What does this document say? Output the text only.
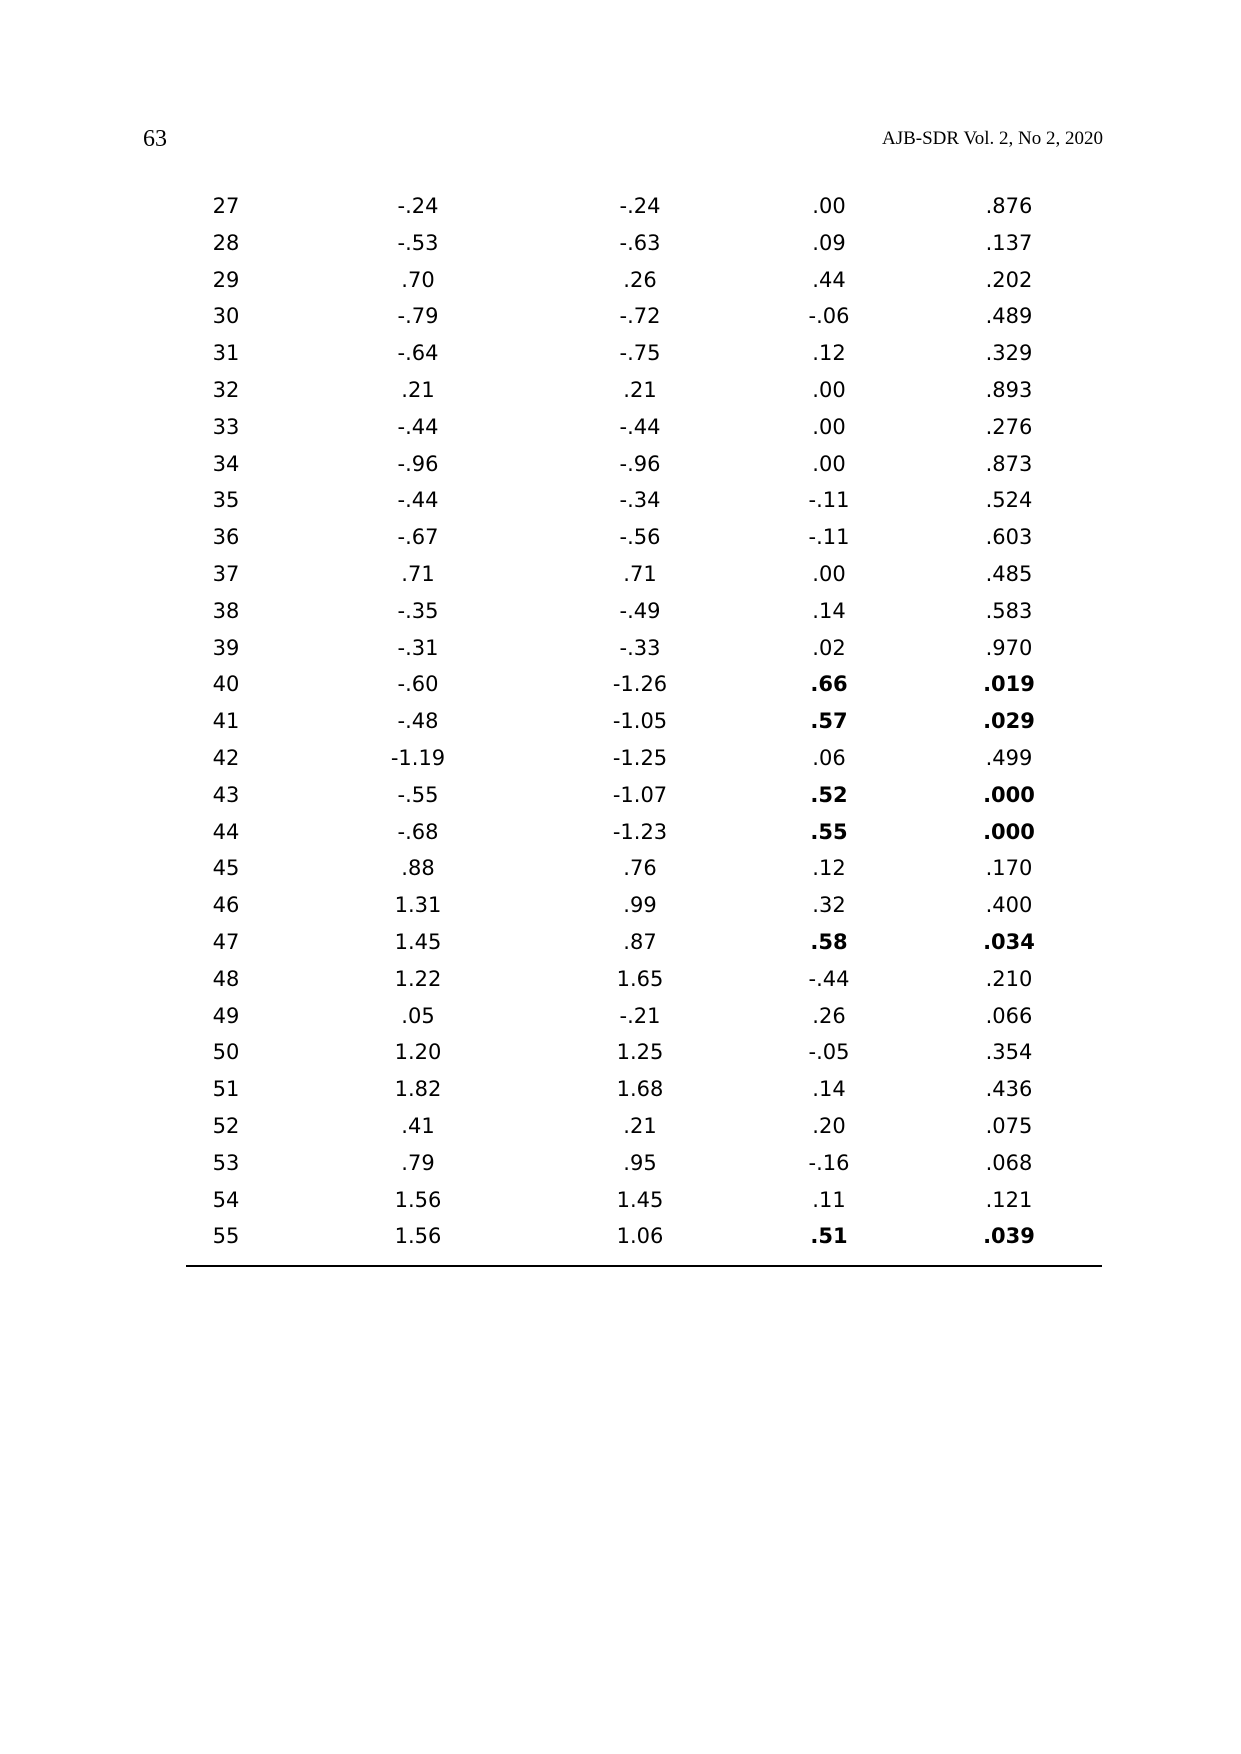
63	AJB-SDR Vol. 2, No 2, 2020
27	-.24	-.24	.00	.876
28	-.53	-.63	.09	.137
29	.70	.26	.44	.202
30	-.79	-.72	-.06	.489
31	-.64	-.75	.12	.329
32	.21	.21	.00	.893
33	-.44	-.44	.00	.276
34	-.96	-.96	.00	.873
35	-.44	-.34	-.11	.524
36	-.67	-.56	-.11	.603
37	.71	.71	.00	.485
38	-.35	-.49	.14	.583
39	-.31	-.33	.02	.970
40	-.60	-1.26	.66	.019
41	-.48	-1.05	.57	.029
42	-1.19	-1.25	.06	.499
43	-.55	-1.07	.52	.000
44	-.68	-1.23	.55	.000
45	.88	.76	.12	.170
46	1.31	.99	.32	.400
47	1.45	.87	.58	.034
48	1.22	1.65	-.44	.210
49	.05	-.21	.26	.066
50	1.20	1.25	-.05	.354
51	1.82	1.68	.14	.436
52	.41	.21	.20	.075
53	.79	.95	-.16	.068
54	1.56	1.45	.11	.121
55	1.56	1.06	.51	.039
